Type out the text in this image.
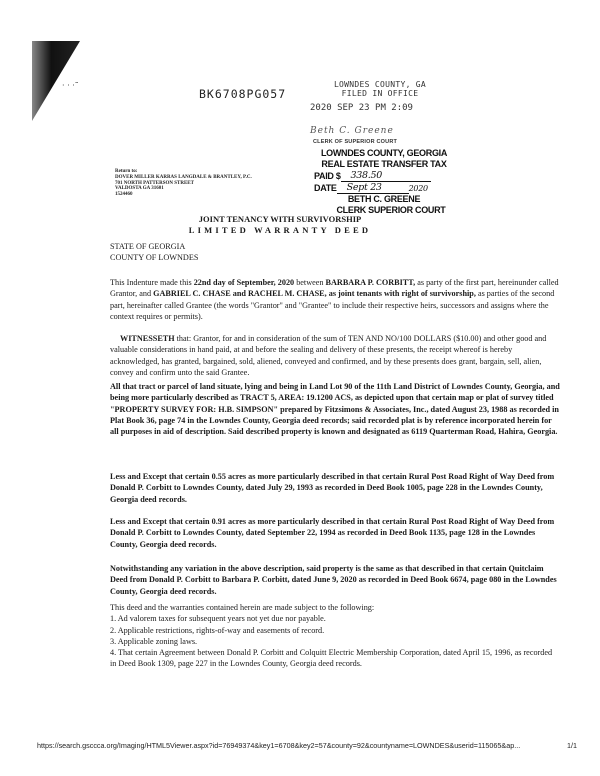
· · ·˜
BK6708PG057
LOWNDES COUNTY, GA
FILED IN OFFICE
2020 SEP 23 PM 2:09
Beth C. Greene
CLERK OF SUPERIOR COURT
LOWNDES COUNTY, GEORGIA
REAL ESTATE TRANSFER TAX
PAID $	338.50
DATE	Sept 23	2020
BETH C. GREENE
CLERK SUPERIOR COURT
Return to:
DOVER MILLER KARRAS LANGDALE & BRANTLEY, P.C.
701 NORTH PATTERSON STREET
VALDOSTA GA 31601
1524460
JOINT TENANCY WITH SURVIVORSHIP
LIMITED WARRANTY DEED
STATE OF GEORGIA
COUNTY OF LOWNDES

This Indenture made this 22nd day of September, 2020 between BARBARA P. CORBITT, as party of the first part, hereinunder called Grantor, and GABRIEL C. CHASE and RACHEL M. CHASE, as joint tenants with right of survivorship, as parties of the second part, hereinafter called Grantee (the words "Grantor" and "Grantee" to include their respective heirs, successors and assigns where the context requires or permits).

WITNESSETH that: Grantor, for and in consideration of the sum of TEN AND NO/100 DOLLARS ($10.00) and other good and valuable considerations in hand paid, at and before the sealing and delivery of these presents, the receipt whereof is hereby acknowledged, has granted, bargained, sold, aliened, conveyed and confirmed, and by these presents does grant, bargain, sell, alien, convey and confirm unto the said Grantee.

All that tract or parcel of land situate, lying and being in Land Lot 90 of the 11th Land District of Lowndes County, Georgia, and being more particularly described as TRACT 5, AREA: 19.1200 ACS, as depicted upon that certain map or plat of survey titled "PROPERTY SURVEY FOR: H.B. SIMPSON" prepared by Fitzsimons & Associates, Inc., dated August 23, 1988 as recorded in Plat Book 36, page 74 in the Lowndes County, Georgia deed records; said recorded plat is by reference incorporated herein for all purposes in aid of description. Said described property is known and designated as 6119 Quarterman Road, Hahira, Georgia.

Less and Except that certain 0.55 acres as more particularly described in that certain Rural Post Road Right of Way Deed from Donald P. Corbitt to Lowndes County, dated July 29, 1993 as recorded in Deed Book 1005, page 228 in the Lowndes County, Georgia deed records.

Less and Except that certain 0.91 acres as more particularly described in that certain Rural Post Road Right of Way Deed from Donald P. Corbitt to Lowndes County, dated September 22, 1994 as recorded in Deed Book 1135, page 128 in the Lowndes County, Georgia deed records.

Notwithstanding any variation in the above description, said property is the same as that described in that certain Quitclaim Deed from Donald P. Corbitt to Barbara P. Corbitt, dated June 9, 2020 as recorded in Deed Book 6674, page 080 in the Lowndes County, Georgia deed records.

This deed and the warranties contained herein are made subject to the following:
1. Ad valorem taxes for subsequent years not yet due nor payable.
2. Applicable restrictions, rights-of-way and easements of record.
3. Applicable zoning laws.
4. That certain Agreement between Donald P. Corbitt and Colquitt Electric Membership Corporation, dated April 15, 1996, as recorded in Deed Book 1309, page 227 in the Lowndes County, Georgia deed records.
https://search.gsccca.org/Imaging/HTML5Viewer.aspx?id=76949374&key1=6708&key2=57&county=92&countyname=LOWNDES&userid=115065&ap...	1/1
